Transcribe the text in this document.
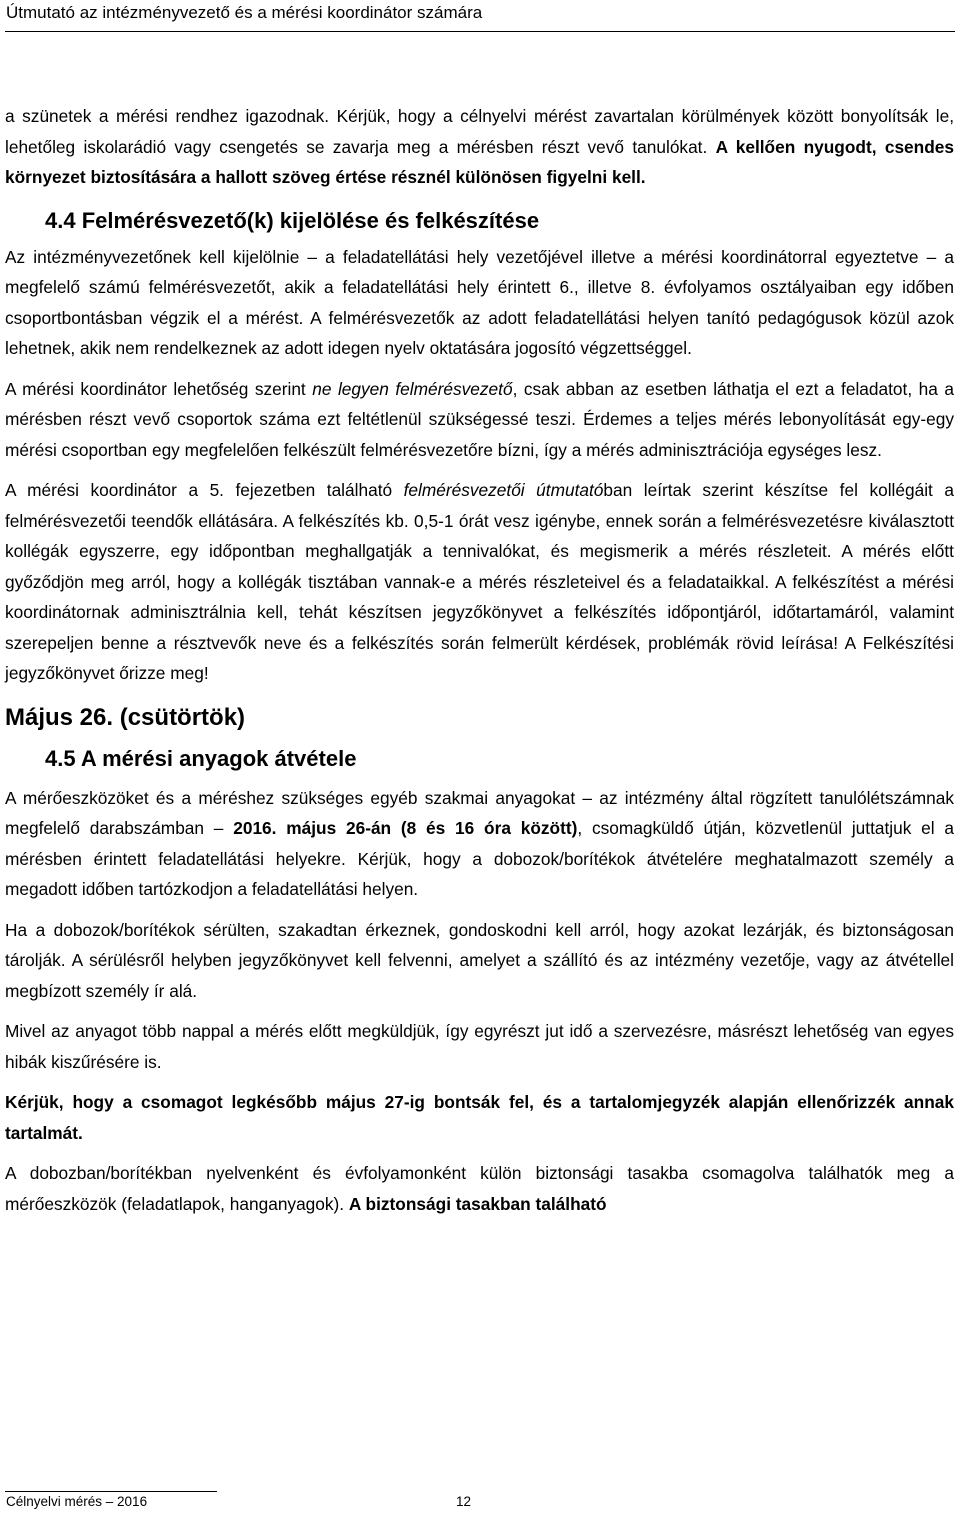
Útmutató az intézményvezető és a mérési koordinátor számára

a szünetek a mérési rendhez igazodnak. Kérjük, hogy a célnyelvi mérést zavartalan körülmények között bonyolítsák le, lehetőleg iskolarádió vagy csengetés se zavarja meg a mérésben részt vevő tanulókat. A kellően nyugodt, csendes környezet biztosítására a hallott szöveg értése résznél különösen figyelni kell.

4.4 Felmérésvezető(k) kijelölése és felkészítése

Az intézményvezetőnek kell kijelölnie – a feladatellátási hely vezetőjével illetve a mérési koordinátorral egyeztetve – a megfelelő számú felmérésvezetőt, akik a feladatellátási hely érintett 6., illetve 8. évfolyamos osztályaiban egy időben csoportbontásban végzik el a mérést. A felmérésvezetők az adott feladatellátási helyen tanító pedagógusok közül azok lehetnek, akik nem rendelkeznek az adott idegen nyelv oktatására jogosító végzettséggel.

A mérési koordinátor lehetőség szerint ne legyen felmérésvezető, csak abban az esetben láthatja el ezt a feladatot, ha a mérésben részt vevő csoportok száma ezt feltétlenül szükségessé teszi. Érdemes a teljes mérés lebonyolítását egy-egy mérési csoportban egy megfelelően felkészült felmérésvezetőre bízni, így a mérés adminisztrációja egységes lesz.

A mérési koordinátor a 5. fejezetben található felmérésvezetői útmutatóban leírtak szerint készítse fel kollégáit a felmérésvezetői teendők ellátására. A felkészítés kb. 0,5-1 órát vesz igénybe, ennek során a felmérésvezetésre kiválasztott kollégák egyszerre, egy időpontban meghallgatják a tennivalókat, és megismerik a mérés részleteit. A mérés előtt győződjön meg arról, hogy a kollégák tisztában vannak-e a mérés részleteivel és a feladataikkal. A felkészítést a mérési koordinátornak adminisztrálnia kell, tehát készítsen jegyzőkönyvet a felkészítés időpontjáról, időtartamáról, valamint szerepeljen benne a résztvevők neve és a felkészítés során felmerült kérdések, problémák rövid leírása! A Felkészítési jegyzőkönyvet őrizze meg!

Május 26. (csütörtök)
4.5 A mérési anyagok átvétele

A mérőeszközöket és a méréshez szükséges egyéb szakmai anyagokat – az intézmény által rögzített tanulólétszámnak megfelelő darabszámban – 2016. május 26-án (8 és 16 óra között), csomagküldő útján, közvetlenül juttatjuk el a mérésben érintett feladatellátási helyekre. Kérjük, hogy a dobozok/borítékok átvételére meghatalmazott személy a megadott időben tartózkodjon a feladatellátási helyen.

Ha a dobozok/borítékok sérülten, szakadtan érkeznek, gondoskodni kell arról, hogy azokat lezárják, és biztonságosan tárolják. A sérülésről helyben jegyzőkönyvet kell felvenni, amelyet a szállító és az intézmény vezetője, vagy az átvétellel megbízott személy ír alá.

Mivel az anyagot több nappal a mérés előtt megküldjük, így egyrészt jut idő a szervezésre, másrészt lehetőség van egyes hibák kiszűrésére is.

Kérjük, hogy a csomagot legkésőbb május 27-ig bontsák fel, és a tartalomjegyzék alapján ellenőrizzék annak tartalmát.

A dobozban/borítékban nyelvenként és évfolyamonként külön biztonsági tasakba csomagolva találhatók meg a mérőeszközök (feladatlapok, hanganyagok). A biztonsági tasakban található

Célnyelvi mérés – 2016	12
